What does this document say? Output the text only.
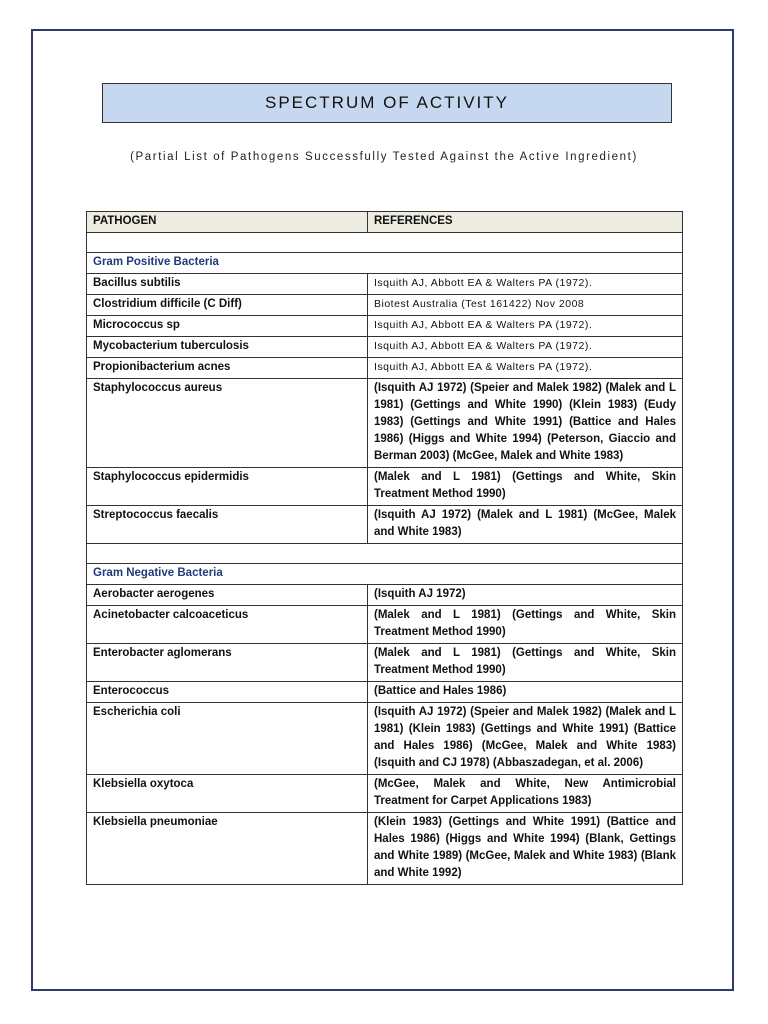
SPECTRUM OF ACTIVITY
(Partial List of Pathogens Successfully Tested Against the Active Ingredient)
PATHOGEN	REFERENCES

Gram Positive Bacteria	
Bacillus subtilis	Isquith AJ, Abbott EA & Walters PA (1972).
Clostridium difficile (C Diff)	Biotest Australia (Test 161422) Nov 2008
Micrococcus sp	Isquith AJ, Abbott EA & Walters PA (1972).
Mycobacterium tuberculosis	Isquith AJ, Abbott EA & Walters PA (1972).
Propionibacterium acnes	Isquith AJ, Abbott EA & Walters PA (1972).
Staphylococcus aureus	(Isquith AJ 1972) (Speier and Malek 1982) (Malek and L 1981) (Gettings and White 1990) (Klein 1983) (Eudy 1983) (Gettings and White 1991) (Battice and Hales 1986) (Higgs and White 1994) (Peterson, Giaccio and Berman 2003) (McGee, Malek and White 1983)
Staphylococcus epidermidis	(Malek and L 1981) (Gettings and White, Skin Treatment Method 1990)
Streptococcus faecalis	(Isquith AJ 1972) (Malek and L 1981) (McGee, Malek and White 1983)

Gram Negative Bacteria	
Aerobacter aerogenes	(Isquith AJ 1972)
Acinetobacter calcoaceticus	(Malek and L 1981) (Gettings and White, Skin Treatment Method 1990)
Enterobacter aglomerans	(Malek and L 1981) (Gettings and White, Skin Treatment Method 1990)
Enterococcus	(Battice and Hales 1986)
Escherichia coli	(Isquith AJ 1972) (Speier and Malek 1982) (Malek and L 1981) (Klein 1983) (Gettings and White 1991) (Battice and Hales 1986) (McGee, Malek and White 1983) (Isquith and CJ 1978) (Abbaszadegan, et al. 2006)
Klebsiella oxytoca	(McGee, Malek and White, New Antimicrobial Treatment for Carpet Applications 1983)
Klebsiella pneumoniae	(Klein 1983) (Gettings and White 1991) (Battice and Hales 1986) (Higgs and White 1994) (Blank, Gettings and White 1989) (McGee, Malek and White 1983) (Blank and White 1992)
